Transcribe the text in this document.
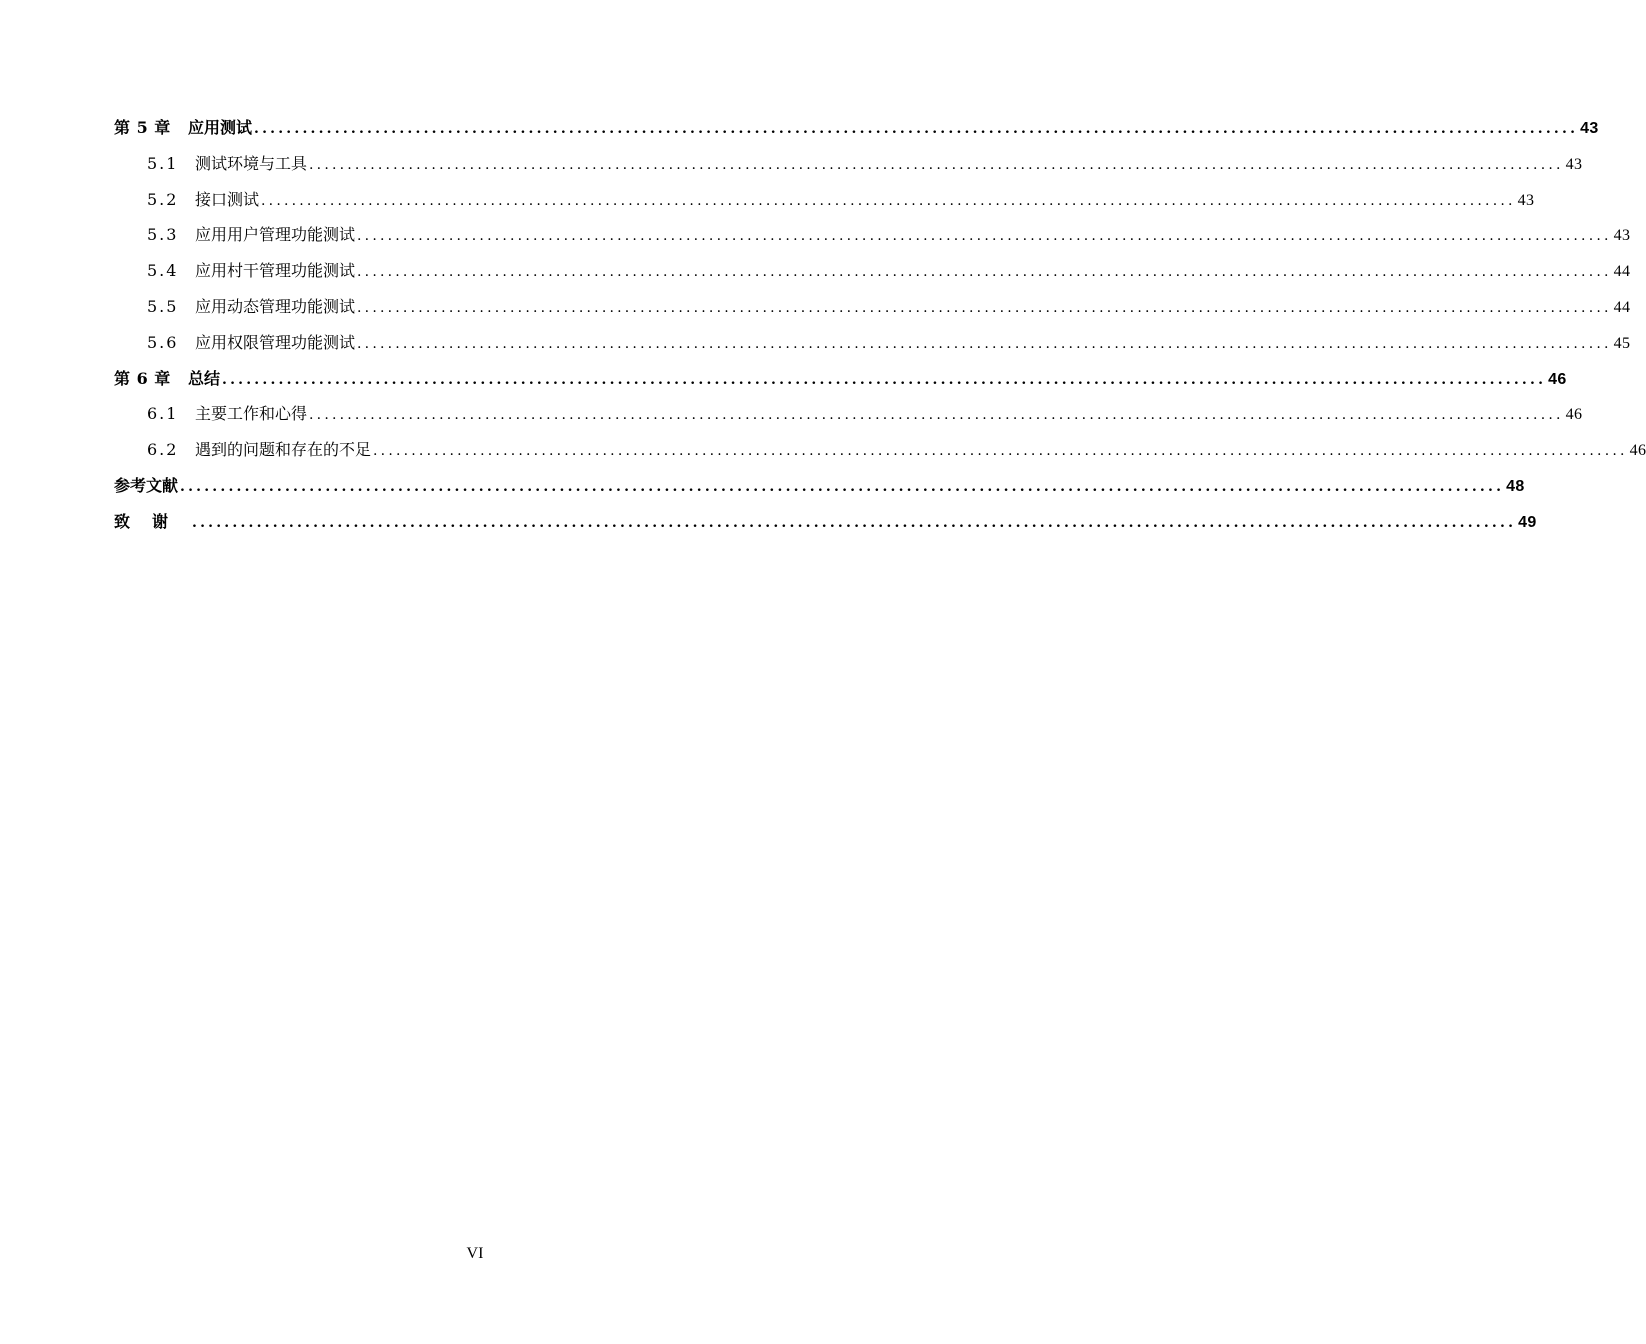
第 5 章	应用测试 .................................................................................................................................................................... 43
5.1	测试环境与工具 .................................................................................................................................................................... 43
5.2	接口测试 .................................................................................................................................................................... 43
5.3	应用用户管理功能测试 .................................................................................................................................................................... 43
5.4	应用村干管理功能测试 .................................................................................................................................................................... 44
5.5	应用动态管理功能测试 .................................................................................................................................................................... 44
5.6	应用权限管理功能测试 .................................................................................................................................................................... 45
第 6 章	总结 .................................................................................................................................................................... 46
6.1	主要工作和心得 .................................................................................................................................................................... 46
6.2	遇到的问题和存在的不足 .................................................................................................................................................................... 46
参考文献 .................................................................................................................................................................... 48
致谢 .................................................................................................................................................................... 49
VI
